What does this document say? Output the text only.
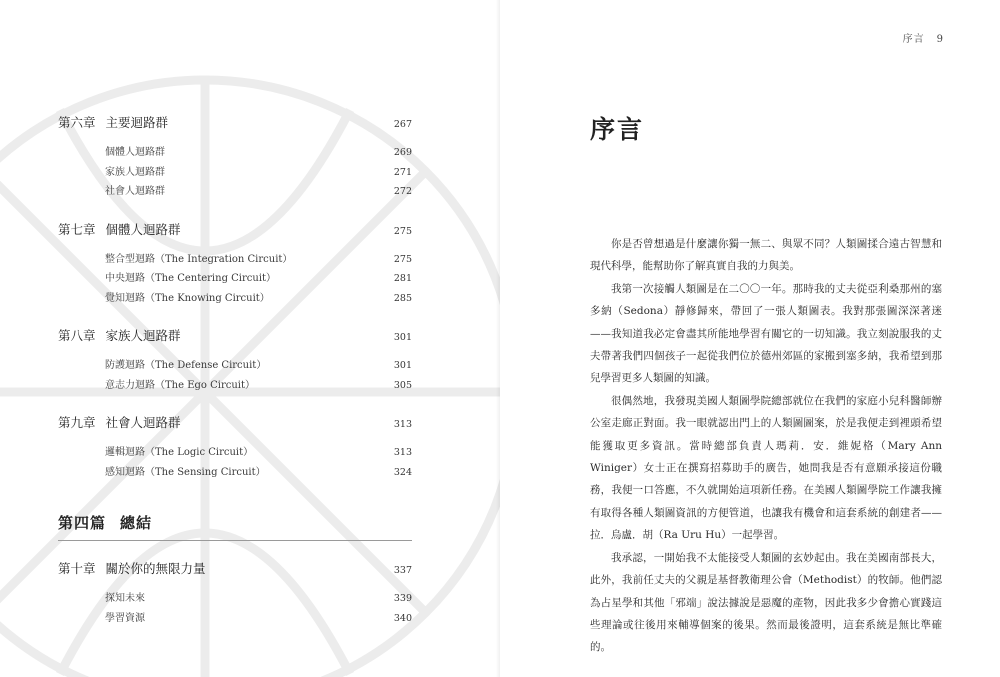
第六章 主要迴路群	267
個體人迴路群	269
家族人迴路群	271
社會人迴路群	272
第七章 個體人迴路群	275
整合型迴路（The Integration Circuit）	275
中央迴路（The Centering Circuit）	281
覺知迴路（The Knowing Circuit）	285
第八章 家族人迴路群	301
防護迴路（The Defense Circuit）	301
意志力迴路（The Ego Circuit）	305
第九章 社會人迴路群	313
邏輯迴路（The Logic Circuit）	313
感知迴路（The Sensing Circuit）	324
第四篇 總結
第十章 關於你的無限力量	337
探知未來	339
學習資源	340
序言 9
序言

你是否曾想過是什麼讓你獨一無二、與眾不同？人類圖揉合遠古智慧和現代科學，能幫助你了解真實自我的力與美。

我第一次接觸人類圖是在二〇〇一年。那時我的丈夫從亞利桑那州的塞多納（Sedona）靜修歸來，帶回了一張人類圖表。我對那張圖深深著迷——我知道我必定會盡其所能地學習有關它的一切知識。我立刻說服我的丈夫帶著我們四個孩子一起從我們位於德州郊區的家搬到塞多納，我希望到那兒學習更多人類圖的知識。

很偶然地，我發現美國人類圖學院總部就位在我們的家庭小兒科醫師辦公室走廊正對面。我一眼就認出門上的人類圖圖案，於是我便走到裡頭希望能獲取更多資訊。當時總部負責人瑪莉．安．維妮格（Mary Ann Winiger）女士正在撰寫招募助手的廣告，她問我是否有意願承接這份職務，我便一口答應，不久就開始這項新任務。在美國人類圖學院工作讓我擁有取得各種人類圖資訊的方便管道，也讓我有機會和這套系統的創建者——拉．烏盧．胡（Ra Uru Hu）一起學習。

我承認，一開始我不太能接受人類圖的玄妙起由。我在美國南部長大，此外，我前任丈夫的父親是基督教衛理公會（Methodist）的牧師。他們認為占星學和其他「邪端」說法據說是惡魔的產物，因此我多少會擔心實踐這些理論或往後用來輔導個案的後果。然而最後證明，這套系統是無比準確的。
